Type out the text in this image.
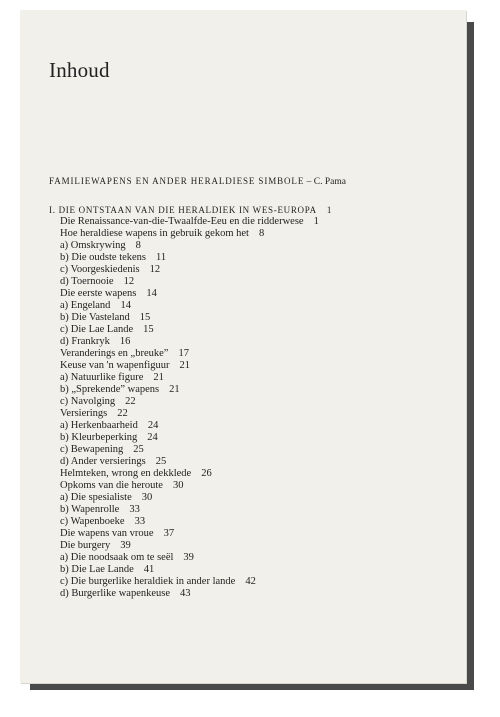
Inhoud
FAMILIEWAPENS EN ANDER HERALDIESE SIMBOLE – C. Pama
I. DIE ONTSTAAN VAN DIE HERALDIEK IN WES-EUROPA 1
Die Renaissance-van-die-Twaalfde-Eeu en die ridderwese 1
Hoe heraldiese wapens in gebruik gekom het 8
a) Omskrywing 8
b) Die oudste tekens 11
c) Voorgeskiedenis 12
d) Toernooie 12
Die eerste wapens 14
a) Engeland 14
b) Die Vasteland 15
c) Die Lae Lande 15
d) Frankryk 16
Veranderings en „breuke” 17
Keuse van 'n wapenfiguur 21
a) Natuurlike figure 21
b) „Sprekende” wapens 21
c) Navolging 22
Versierings 22
a) Herkenbaarheid 24
b) Kleurbeperking 24
c) Bewapening 25
d) Ander versierings 25
Helmteken, wrong en dekklede 26
Opkoms van die heroute 30
a) Die spesialiste 30
b) Wapenrolle 33
c) Wapenboeke 33
Die wapens van vroue 37
Die burgery 39
a) Die noodsaak om te seël 39
b) Die Lae Lande 41
c) Die burgerlike heraldiek in ander lande 42
d) Burgerlike wapenkeuse 43
